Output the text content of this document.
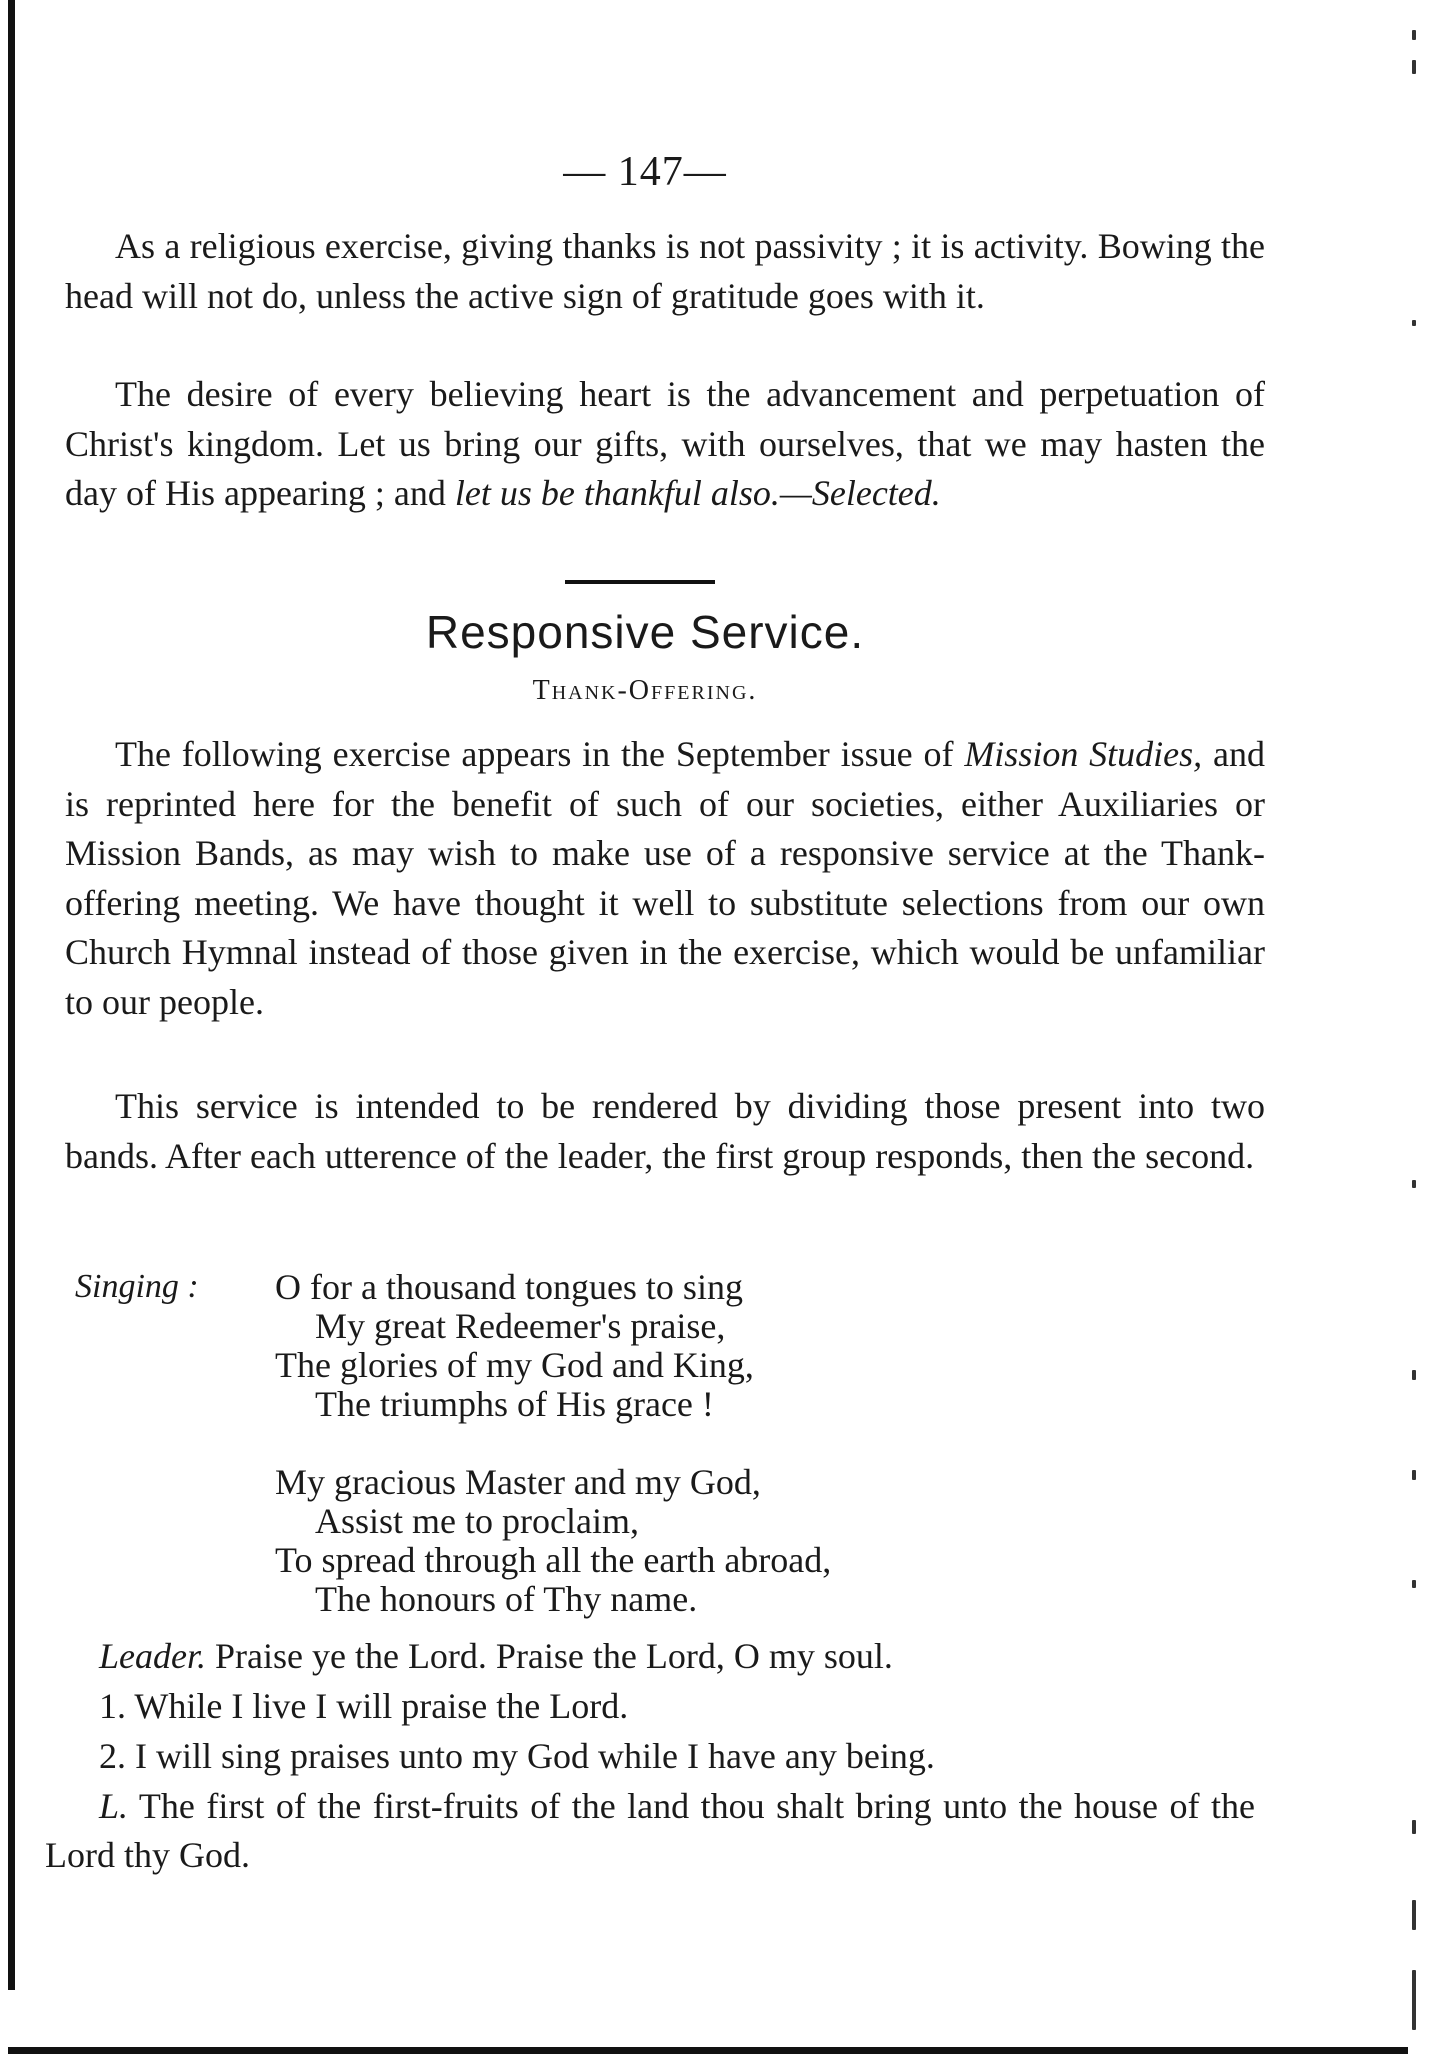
— 147—

As a religious exercise, giving thanks is not passivity ; it is activity. Bowing the head will not do, unless the active sign of gratitude goes with it.

The desire of every believing heart is the advancement and perpetuation of Christ's kingdom. Let us bring our gifts, with ourselves, that we may hasten the day of His appearing ; and let us be thankful also.—Selected.

Responsive Service.
Thank-Offering.

The following exercise appears in the September issue of Mission Studies, and is reprinted here for the benefit of such of our societies, either Auxiliaries or Mission Bands, as may wish to make use of a responsive service at the Thank-offering meeting. We have thought it well to substitute selections from our own Church Hymnal instead of those given in the exercise, which would be unfamiliar to our people.

This service is intended to be rendered by dividing those present into two bands. After each utterence of the leader, the first group responds, then the second.

Singing : O for a thousand tongues to sing
My great Redeemer's praise,
The glories of my God and King,
The triumphs of His grace !
My gracious Master and my God,
Assist me to proclaim,
To spread through all the earth abroad,
The honours of Thy name.
Leader. Praise ye the Lord. Praise the Lord, O my soul.
1. While I live I will praise the Lord.
2. I will sing praises unto my God while I have any being.
L. The first of the first-fruits of the land thou shalt bring unto the house of the Lord thy God.
